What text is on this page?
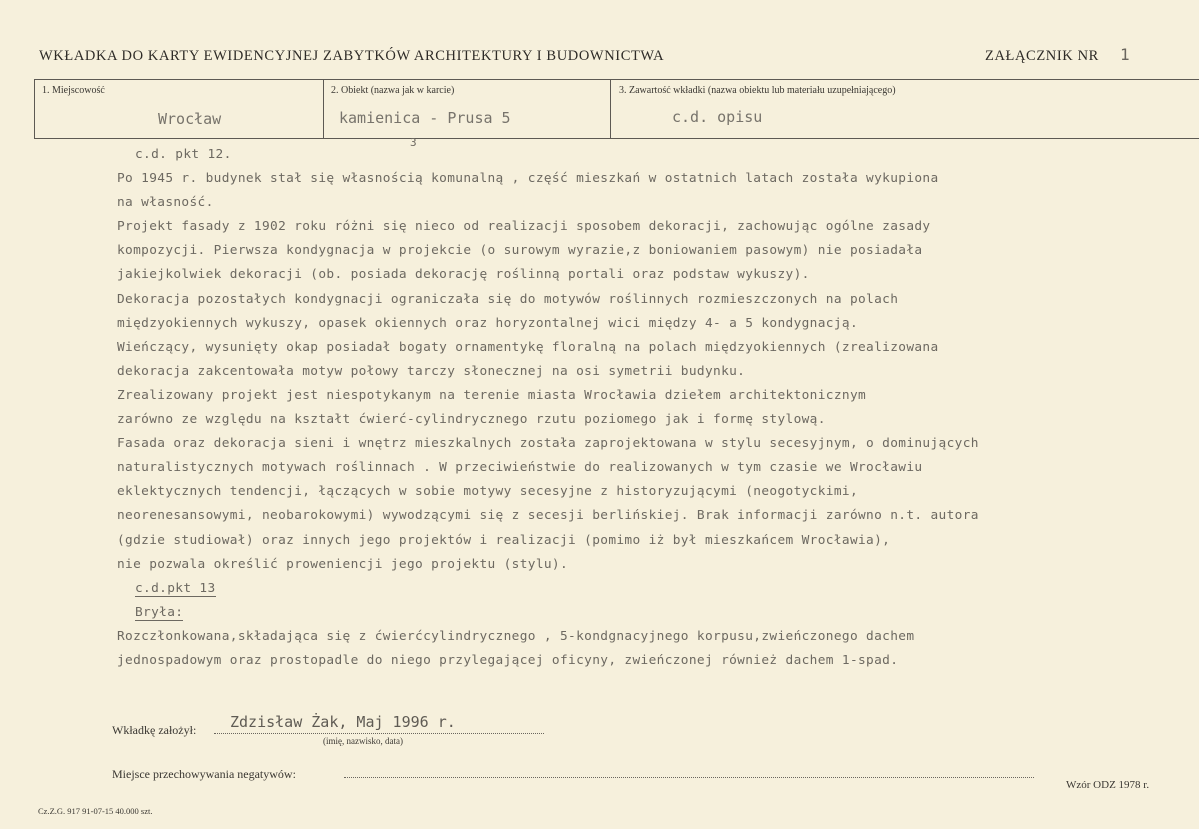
WKŁADKA DO KARTY EWIDENCYJNEJ ZABYTKÓW ARCHITEKTURY I BUDOWNICTWA	ZAŁĄCZNIK NR 1
1. Miejscowość
Wrocław
2. Obiekt (nazwa jak w karcie)
kamienica - Prusa 5
3. Zawartość wkładki (nazwa obiektu lub materiału uzupełniającego)
c.d. opisu
3
c.d. pkt 12.
Po 1945 r. budynek stał się własnością komunalną , część mieszkań w ostatnich latach została wykupiona
na własność.
Projekt fasady z 1902 roku różni się nieco od realizacji sposobem dekoracji, zachowując ogólne zasady
kompozycji. Pierwsza kondygnacja w projekcie (o surowym wyrazie,z boniowaniem pasowym) nie posiadała
jakiejkolwiek dekoracji (ob. posiada dekorację roślinną portali oraz podstaw wykuszy).
Dekoracja pozostałych kondygnacji ograniczała się do motywów roślinnych rozmieszczonych na polach
międzyokiennych wykuszy, opasek okiennych oraz horyzontalnej wici między 4- a 5 kondygnacją.
Wieńczący, wysunięty okap posiadał bogaty ornamentykę floralną na polach międzyokiennych (zrealizowana
dekoracja zakcentowała motyw połowy tarczy słonecznej na osi symetrii budynku.
Zrealizowany projekt jest niespotykanym na terenie miasta Wrocławia dziełem architektonicznym
zarówno ze względu na kształt ćwierć-cylindrycznego rzutu poziomego jak i formę stylową.
Fasada oraz dekoracja sieni i wnętrz mieszkalnych została zaprojektowana w stylu secesyjnym, o dominujących
naturalistycznych motywach roślinnach . W przeciwieństwie do realizowanych w tym czasie we Wrocławiu
eklektycznych tendencji, łączących w sobie motywy secesyjne z historyzującymi (neogotyckimi,
neorenesansowymi, neobarokowymi) wywodzącymi się z secesji berlińskiej. Brak informacji zarówno n.t. autora
(gdzie studiował) oraz innych jego projektów i realizacji (pomimo iż był mieszkańcem Wrocławia),
nie pozwala określić proweniencji jego projektu (stylu).
c.d.pkt 13
Bryła:
Rozczłonkowana,składająca się z ćwierćcylindrycznego , 5-kondgnacyjnego korpusu,zwieńczonego dachem
jednospadowym oraz prostopadle do niego przylegającej oficyny, zwieńczonej również dachem 1-spad.
Wkładkę założył: Zdzisław Żak, Maj 1996 r.
(imię, nazwisko, data)
Miejsce przechowywania negatywów:
Wzór ODZ 1978 r.
Cz.Z.G. 917 91-07-15 40.000 szt.
